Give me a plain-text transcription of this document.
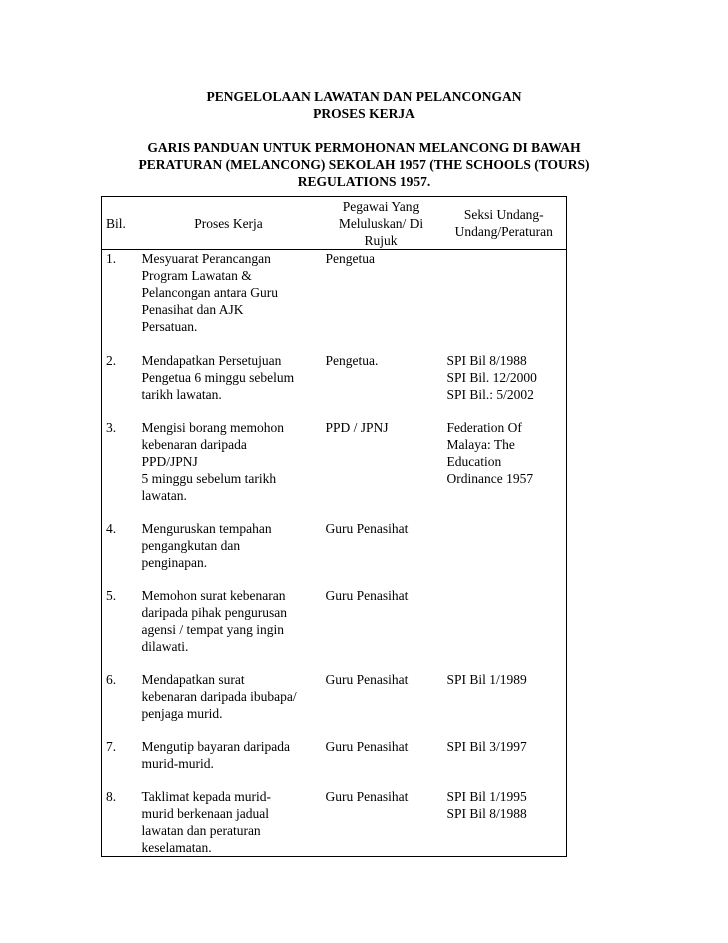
PENGELOLAAN LAWATAN DAN PELANCONGAN
PROSES KERJA
GARIS PANDUAN UNTUK PERMOHONAN MELANCONG DI BAWAH
PERATURAN (MELANCONG) SEKOLAH 1957 (THE SCHOOLS (TOURS)
REGULATIONS 1957.
Bil.	Proses Kerja	Pegawai Yang
Meluluskan/ Di
Rujuk	Seksi Undang-
Undang/Peraturan
1.	Mesyuarat Perancangan
Program Lawatan &
Pelancongan antara Guru
Penasihat dan AJK
Persatuan.	Pengetua	
2.	Mendapatkan Persetujuan
Pengetua 6 minggu sebelum
tarikh lawatan.	Pengetua.	SPI Bil 8/1988
SPI Bil. 12/2000
SPI Bil.: 5/2002
3.	Mengisi borang memohon
kebenaran daripada
PPD/JPNJ
5 minggu sebelum tarikh
lawatan.	PPD / JPNJ	Federation Of
Malaya: The
Education
Ordinance 1957
4.	Menguruskan tempahan
pengangkutan dan
penginapan.	Guru Penasihat	
5.	Memohon surat kebenaran
daripada pihak pengurusan
agensi / tempat yang ingin
dilawati.	Guru Penasihat	
6.	Mendapatkan surat
kebenaran daripada ibubapa/
penjaga murid.	Guru Penasihat	SPI Bil 1/1989
7.	Mengutip bayaran daripada
murid-murid.	Guru Penasihat	SPI Bil 3/1997
8.	Taklimat kepada murid-
murid berkenaan jadual
lawatan dan peraturan
keselamatan.	Guru Penasihat	SPI Bil 1/1995
SPI Bil 8/1988
